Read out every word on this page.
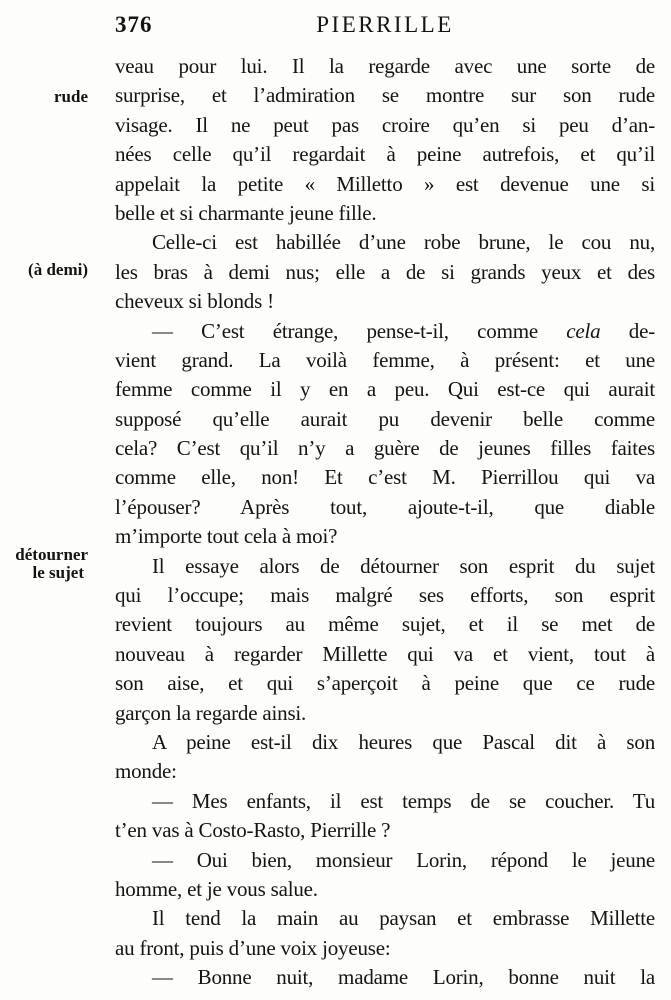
376	PIERRILLE
rude
(à demi)
détourner
le sujet
veau pour lui. Il la regarde avec une sorte de
surprise, et l’admiration se montre sur son rude
visage. Il ne peut pas croire qu’en si peu d’an-
nées celle qu’il regardait à peine autrefois, et qu’il
appelait la petite « Milletto » est devenue une si
belle et si charmante jeune fille.
Celle-ci est habillée d’une robe brune, le cou nu,
les bras à demi nus; elle a de si grands yeux et des
cheveux si blonds !
— C’est étrange, pense-t-il, comme cela de-
vient grand. La voilà femme, à présent: et une
femme comme il y en a peu. Qui est-ce qui aurait
supposé qu’elle aurait pu devenir belle comme
cela? C’est qu’il n’y a guère de jeunes filles faites
comme elle, non! Et c’est M. Pierrillou qui va
l’épouser? Après tout, ajoute-t-il, que diable
m’importe tout cela à moi?
Il essaye alors de détourner son esprit du sujet
qui l’occupe; mais malgré ses efforts, son esprit
revient toujours au même sujet, et il se met de
nouveau à regarder Millette qui va et vient, tout à
son aise, et qui s’aperçoit à peine que ce rude
garçon la regarde ainsi.
A peine est-il dix heures que Pascal dit à son
monde:
— Mes enfants, il est temps de se coucher. Tu
t’en vas à Costo-Rasto, Pierrille ?
— Oui bien, monsieur Lorin, répond le jeune
homme, et je vous salue.
Il tend la main au paysan et embrasse Millette
au front, puis d’une voix joyeuse:
— Bonne nuit, madame Lorin, bonne nuit la
